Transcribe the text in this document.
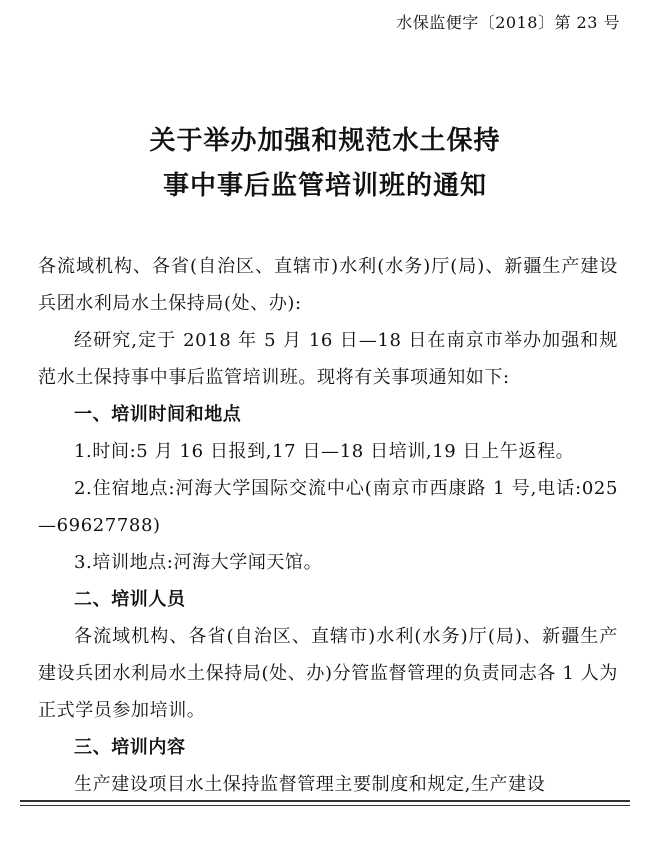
水保监便字〔2018〕第 23 号
关于举办加强和规范水土保持
事中事后监管培训班的通知

各流域机构、各省(自治区、直辖市)水利(水务)厅(局)、新疆生产建设兵团水利局水土保持局(处、办):

经研究,定于 2018 年 5 月 16 日—18 日在南京市举办加强和规范水土保持事中事后监管培训班。现将有关事项通知如下:

一、培训时间和地点

1.时间:5 月 16 日报到,17 日—18 日培训,19 日上午返程。

2.住宿地点:河海大学国际交流中心(南京市西康路 1 号,电话:025—69627788)

3.培训地点:河海大学闻天馆。

二、培训人员

各流域机构、各省(自治区、直辖市)水利(水务)厅(局)、新疆生产建设兵团水利局水土保持局(处、办)分管监督管理的负责同志各 1 人为正式学员参加培训。

三、培训内容

生产建设项目水土保持监督管理主要制度和规定,生产建设
